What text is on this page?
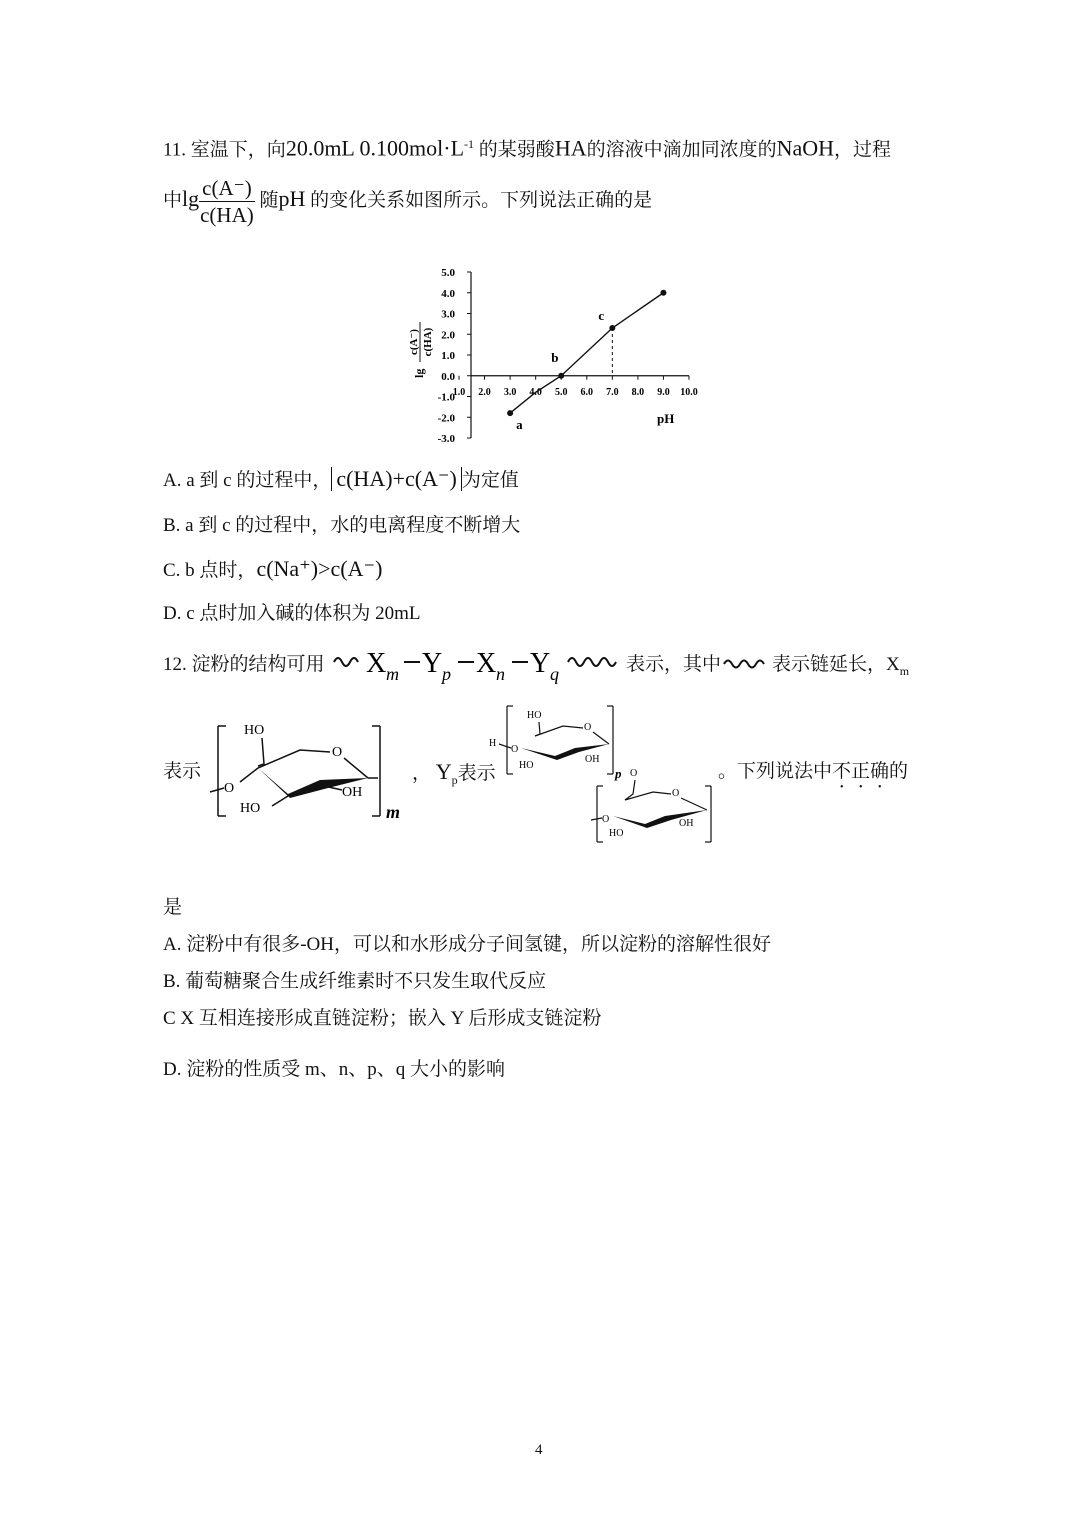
11. 室温下，向20.0mL $0.100mol\cdot L^{-1}$ 的某弱酸HA的溶液中滴加同浓度的NaOH，过程
中$\lg \frac{c(A^-)}{c(HA)}$ 随pH 的变化关系如图所示。下列说法正确的是
5.0
4.0
3.0
2.0
1.0
0.0
-1.0
-2.0
-3.0
1.0 2.0 3.0 4.0 5.0 6.0 7.0 8.0 9.0 10.0
a
b
c
pH
lg
c(A⁻) c(HA)
A. a 到 c 的过程中， c(HA)+c(A⁻) 为定值
B. a 到 c 的过程中，水的电离程度不断增大
C. b 点时，c(Na⁺)>c(A⁻)
D. c 点时加入碱的体积为 20mL
12. 淀粉的结构可用 X m Y p X n Y q	表示，其中	表示链延长，$X_m$
表示
HO
O
O
HO
OH
m
， $Y_p$表示
HO
H
O
O
HO
OH
p O
O
O
HO
OH
。下列说法中不正确的
是
A. 淀粉中有很多-OH，可以和水形成分子间氢键，所以淀粉的溶解性很好
B. 葡萄糖聚合生成纤维素时不只发生取代反应
C X 互相连接形成直链淀粉；嵌入 Y 后形成支链淀粉
D. 淀粉的性质受 m、n、p、q 大小的影响
4
